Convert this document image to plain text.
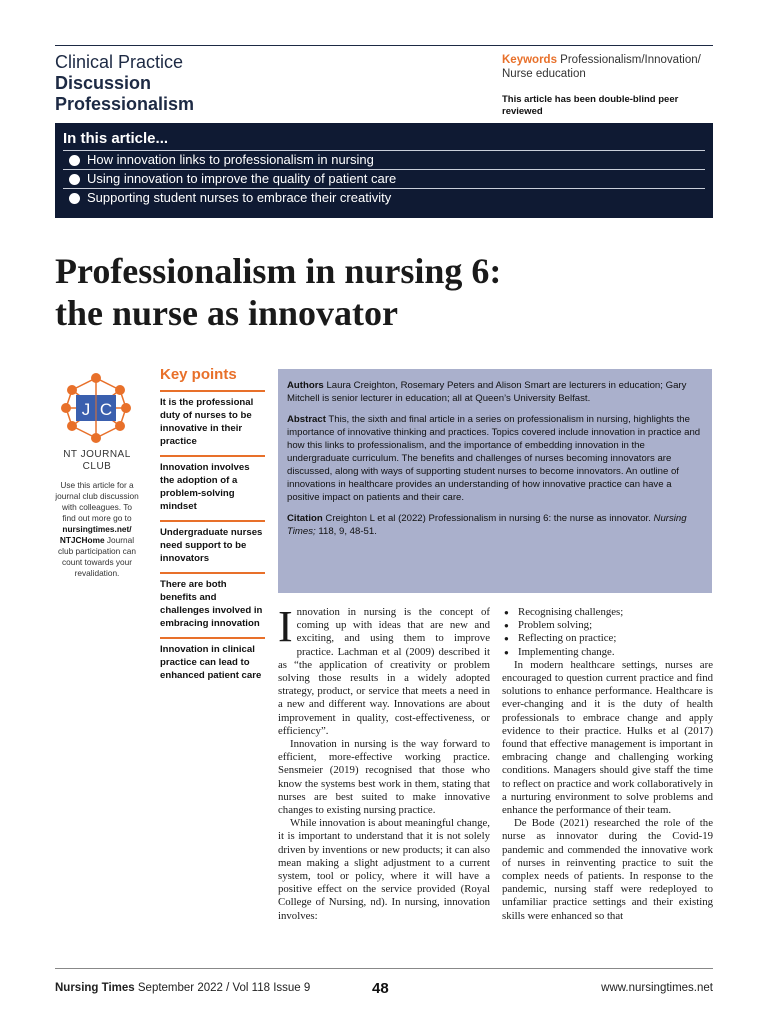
Clinical Practice
Discussion
Professionalism
Keywords Professionalism/Innovation/ Nurse education
This article has been double-blind peer reviewed
In this article...
How innovation links to professionalism in nursing
Using innovation to improve the quality of patient care
Supporting student nurses to embrace their creativity
Professionalism in nursing 6:
the nurse as innovator
J C
NT JOURNAL
CLUB
Use this article for a journal club discussion with colleagues. To find out more go to nursingtimes.net/ NTJCHome Journal club participation can count towards your revalidation.
Key points
It is the professional duty of nurses to be innovative in their practice
Innovation involves the adoption of a problem-solving mindset
Undergraduate nurses need support to be innovators
There are both benefits and challenges involved in embracing innovation
Innovation in clinical practice can lead to enhanced patient care

Authors Laura Creighton, Rosemary Peters and Alison Smart are lecturers in education; Gary Mitchell is senior lecturer in education; all at Queen’s University Belfast.

Abstract This, the sixth and final article in a series on professionalism in nursing, highlights the importance of innovative thinking and practices. Topics covered include innovation in practice and how this links to professionalism, and the importance of embedding innovation in the undergraduate curriculum. The benefits and challenges of nurses becoming innovators are discussed, along with ways of supporting student nurses to become innovators. An outline of innovations in healthcare provides an understanding of how innovative practice can have a positive impact on patients and their care.

Citation Creighton L et al (2022) Professionalism in nursing 6: the nurse as innovator. Nursing Times; 118, 9, 48-51.

Innovation in nursing is the concept of coming up with ideas that are new and exciting, and using them to improve practice. Lachman et al (2009) described it as “the application of creativity or problem solving those results in a widely adopted strategy, product, or service that meets a need in a new and different way. Innovations are about improvement in quality, cost-effectiveness, or efficiency”.

Innovation in nursing is the way forward to efficient, more-effective working practice. Sensmeier (2019) recognised that those who know the systems best work in them, stating that nurses are best suited to make innovative changes to existing nursing practice.

While innovation is about meaningful change, it is important to understand that it is not solely driven by inventions or new products; it can also mean making a slight adjustment to a current system, tool or policy, where it will have a positive effect on the service provided (Royal College of Nursing, nd). In nursing, innovation involves:

● Recognising challenges;
● Problem solving;
● Reflecting on practice;
● Implementing change.

In modern healthcare settings, nurses are encouraged to question current practice and find solutions to enhance performance. Healthcare is ever-changing and it is the duty of health professionals to embrace change and apply evidence to their practice. Hulks et al (2017) found that effective management is important in embracing change and challenging working conditions. Managers should give staff the time to reflect on practice and work collaboratively in a nurturing environment to solve problems and enhance the performance of their team.

De Bode (2021) researched the role of the nurse as innovator during the Covid-19 pandemic and commended the innovative work of nurses in reinventing practice to suit the complex needs of patients. In response to the pandemic, nursing staff were redeployed to unfamiliar practice settings and their existing skills were enhanced so that

Nursing Times September 2022 / Vol 118 Issue 9	48	www.nursingtimes.net
